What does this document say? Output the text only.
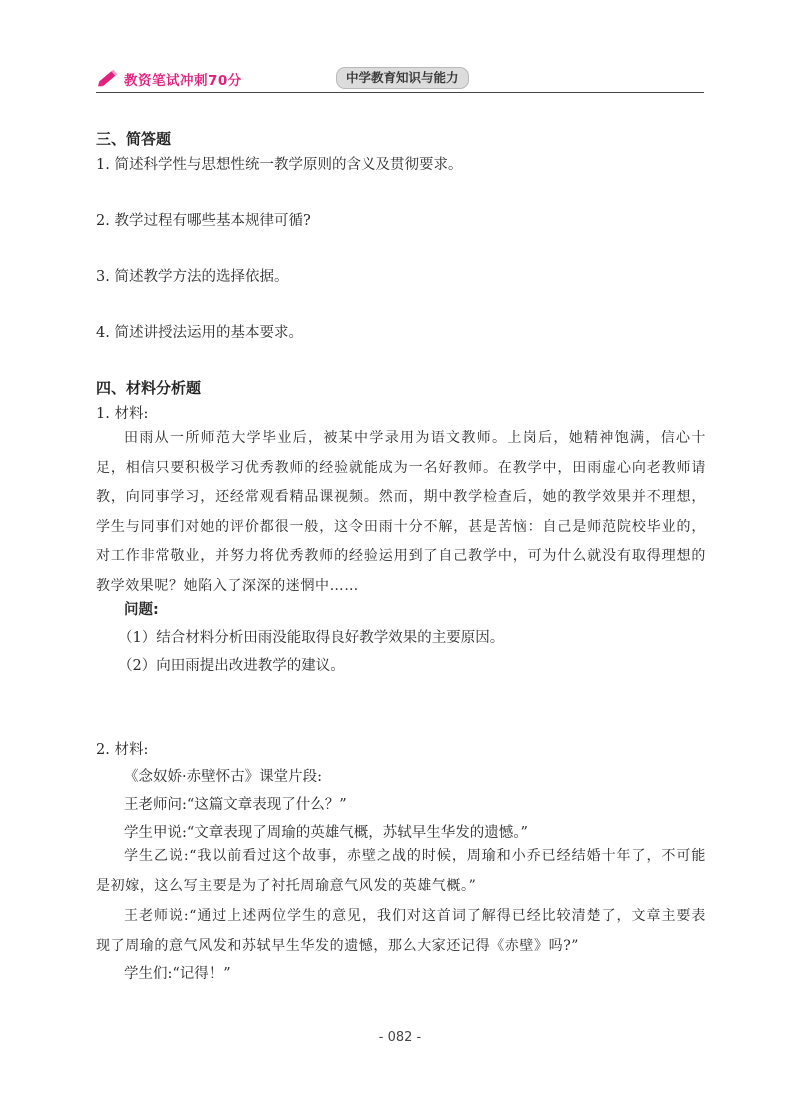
教资笔试冲刺70分	中学教育知识与能力
三、简答题
1. 简述科学性与思想性统一教学原则的含义及贯彻要求。
2. 教学过程有哪些基本规律可循?
3. 简述教学方法的选择依据。
4. 简述讲授法运用的基本要求。
四、材料分析题
1. 材料:
田雨从一所师范大学毕业后，被某中学录用为语文教师。上岗后，她精神饱满，信心十足，相信只要积极学习优秀教师的经验就能成为一名好教师。在教学中，田雨虚心向老教师请教，向同事学习，还经常观看精品课视频。然而，期中教学检查后，她的教学效果并不理想，学生与同事们对她的评价都很一般，这令田雨十分不解，甚是苦恼：自己是师范院校毕业的，对工作非常敬业，并努力将优秀教师的经验运用到了自己教学中，可为什么就没有取得理想的教学效果呢？她陷入了深深的迷惘中……
问题:
（1）结合材料分析田雨没能取得良好教学效果的主要原因。
（2）向田雨提出改进教学的建议。
2. 材料:
《念奴娇·赤壁怀古》课堂片段:
王老师问:“这篇文章表现了什么？”
学生甲说:“文章表现了周瑜的英雄气概，苏轼早生华发的遗憾。”
学生乙说:“我以前看过这个故事，赤壁之战的时候，周瑜和小乔已经结婚十年了，不可能是初嫁，这么写主要是为了衬托周瑜意气风发的英雄气概。”
王老师说:“通过上述两位学生的意见，我们对这首词了解得已经比较清楚了，文章主要表现了周瑜的意气风发和苏轼早生华发的遗憾，那么大家还记得《赤壁》吗?”
学生们:“记得！”
- 082 -
